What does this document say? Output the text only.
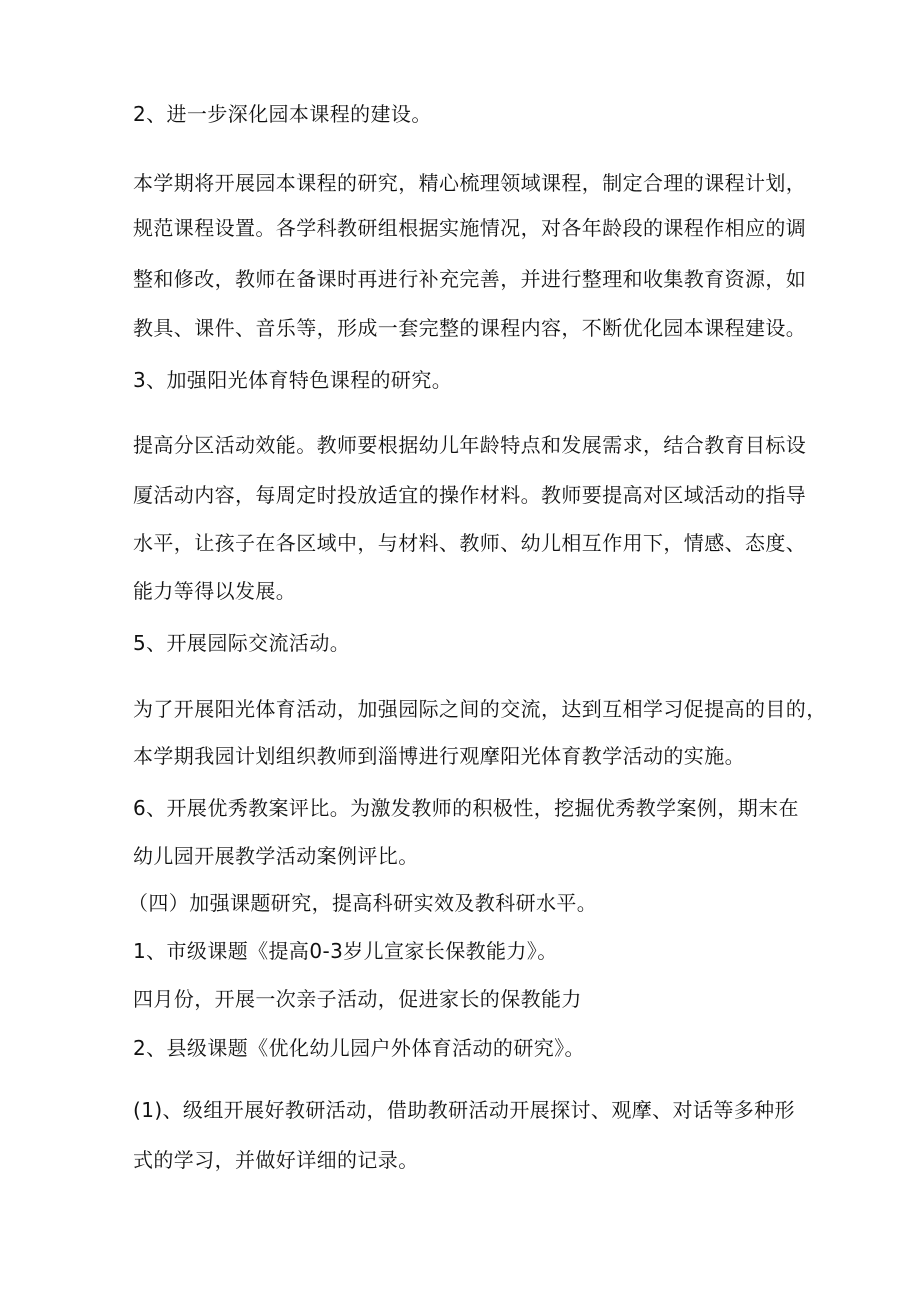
2、进一步深化园本课程的建设。
本学期将开展园本课程的研究，精心梳理领域课程，制定合理的课程计划，
规范课程设置。各学科教研组根据实施情况，对各年龄段的课程作相应的调
整和修改，教师在备课时再进行补充完善，并进行整理和收集教育资源，如
教具、课件、音乐等，形成一套完整的课程内容，不断优化园本课程建设。
3、加强阳光体育特色课程的研究。
提高分区活动效能。教师要根据幼儿年龄特点和发展需求，结合教育目标设
厦活动内容，每周定时投放适宜的操作材料。教师要提高对区域活动的指导
水平，让孩子在各区域中，与材料、教师、幼儿相互作用下，情感、态度、
能力等得以发展。
5、开展园际交流活动。
为了开展阳光体育活动，加强园际之间的交流，达到互相学习促提高的目的，
本学期我园计划组织教师到淄博进行观摩阳光体育教学活动的实施。
6、开展优秀教案评比。为激发教师的积极性，挖掘优秀教学案例，期末在
幼儿园开展教学活动案例评比。
（四）加强课题研究，提高科研实效及教科研水平。
1、市级课题《提高0-3岁儿宣家长保教能力》。
四月份，开展一次亲子活动，促进家长的保教能力
2、县级课题《优化幼儿园户外体育活动的研究》。
(1)、级组开展好教研活动，借助教研活动开展探讨、观摩、对话等多种形
式的学习，并做好详细的记录。
